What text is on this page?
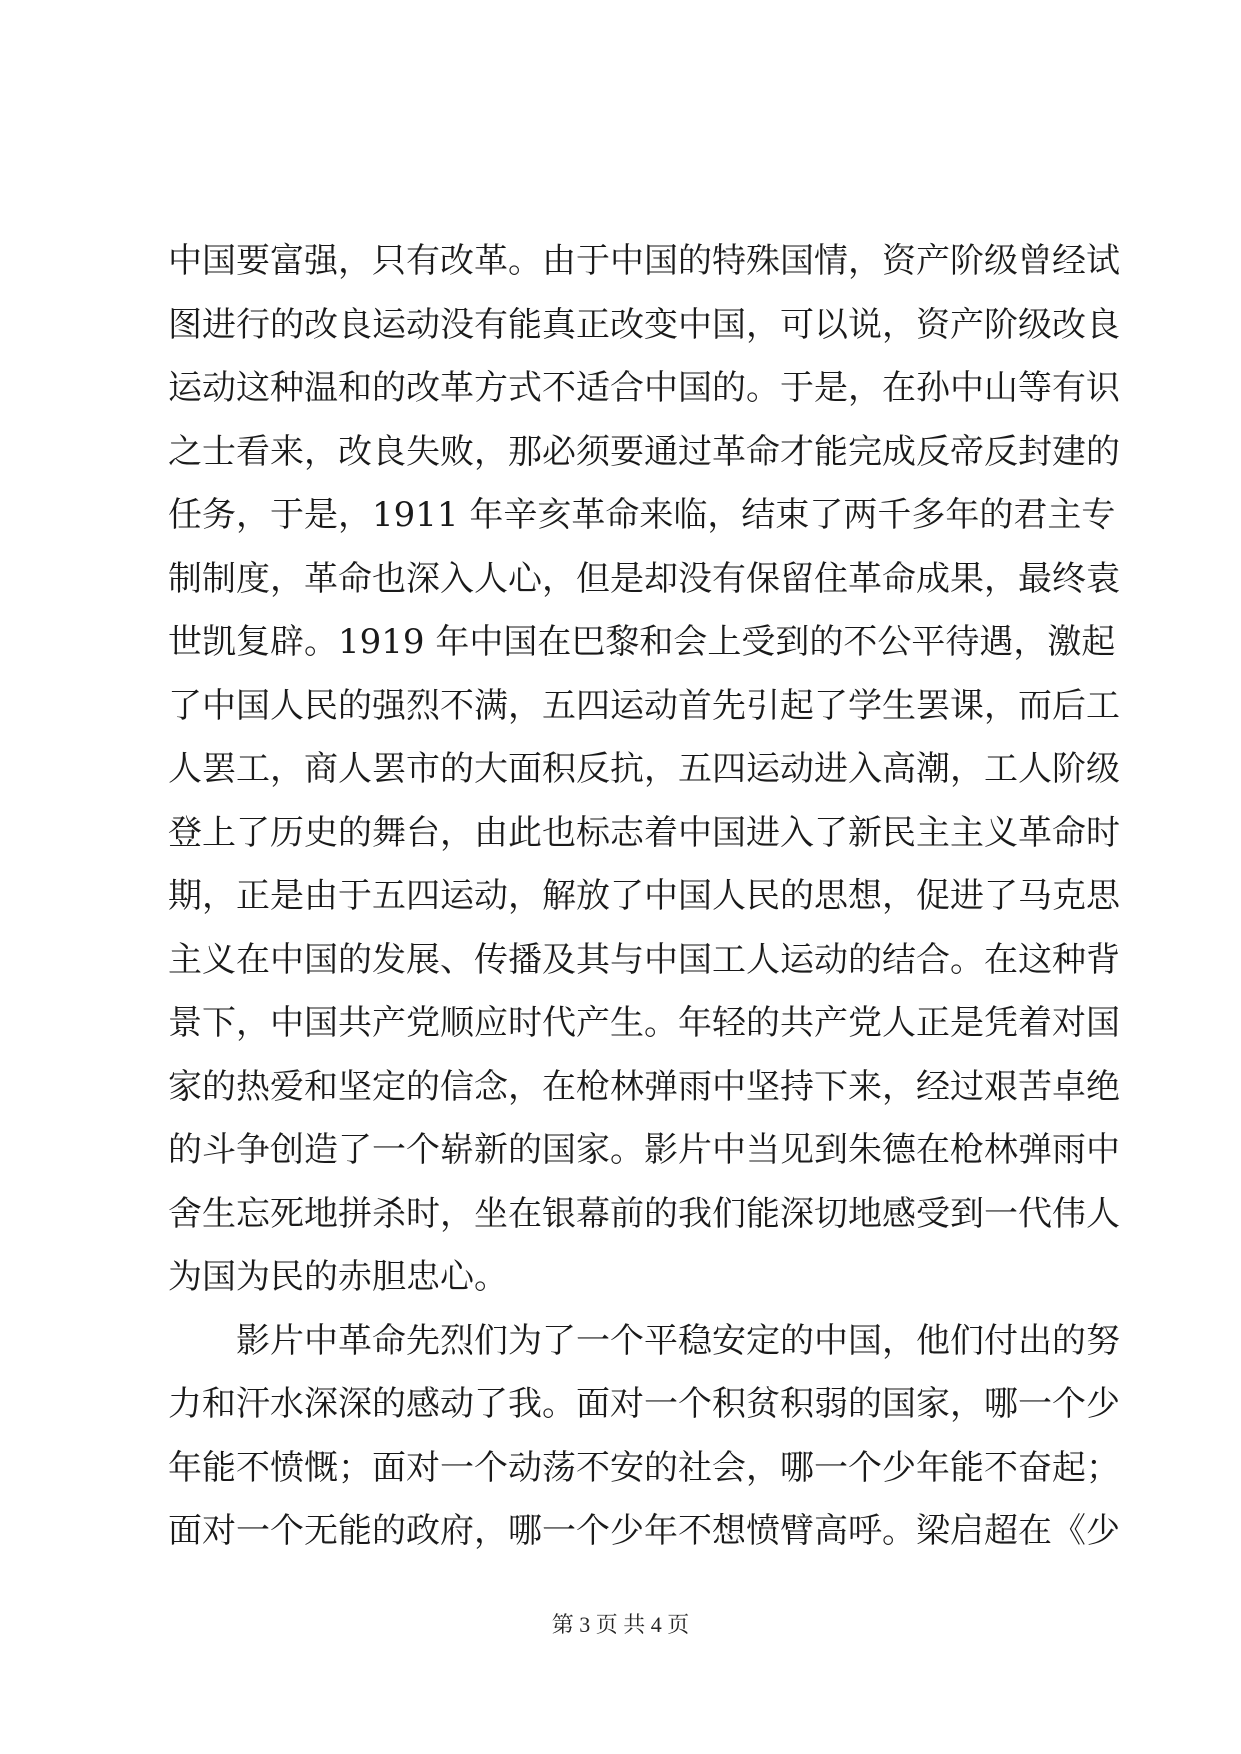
中国要富强，只有改革。由于中国的特殊国情，资产阶级曾经试
图进行的改良运动没有能真正改变中国，可以说，资产阶级改良
运动这种温和的改革方式不适合中国的。于是，在孙中山等有识
之士看来，改良失败，那必须要通过革命才能完成反帝反封建的
任务，于是，1911 年辛亥革命来临，结束了两千多年的君主专
制制度，革命也深入人心，但是却没有保留住革命成果，最终袁
世凯复辟。1919 年中国在巴黎和会上受到的不公平待遇，激起
了中国人民的强烈不满，五四运动首先引起了学生罢课，而后工
人罢工，商人罢市的大面积反抗，五四运动进入高潮，工人阶级
登上了历史的舞台，由此也标志着中国进入了新民主主义革命时
期，正是由于五四运动，解放了中国人民的思想，促进了马克思
主义在中国的发展、传播及其与中国工人运动的结合。在这种背
景下，中国共产党顺应时代产生。年轻的共产党人正是凭着对国
家的热爱和坚定的信念，在枪林弹雨中坚持下来，经过艰苦卓绝
的斗争创造了一个崭新的国家。影片中当见到朱德在枪林弹雨中
舍生忘死地拼杀时，坐在银幕前的我们能深切地感受到一代伟人
为国为民的赤胆忠心。
影片中革命先烈们为了一个平稳安定的中国，他们付出的努
力和汗水深深的感动了我。面对一个积贫积弱的国家，哪一个少
年能不愤慨；面对一个动荡不安的社会，哪一个少年能不奋起；
面对一个无能的政府，哪一个少年不想愤臂高呼。梁启超在《少
第 3 页 共 4 页
